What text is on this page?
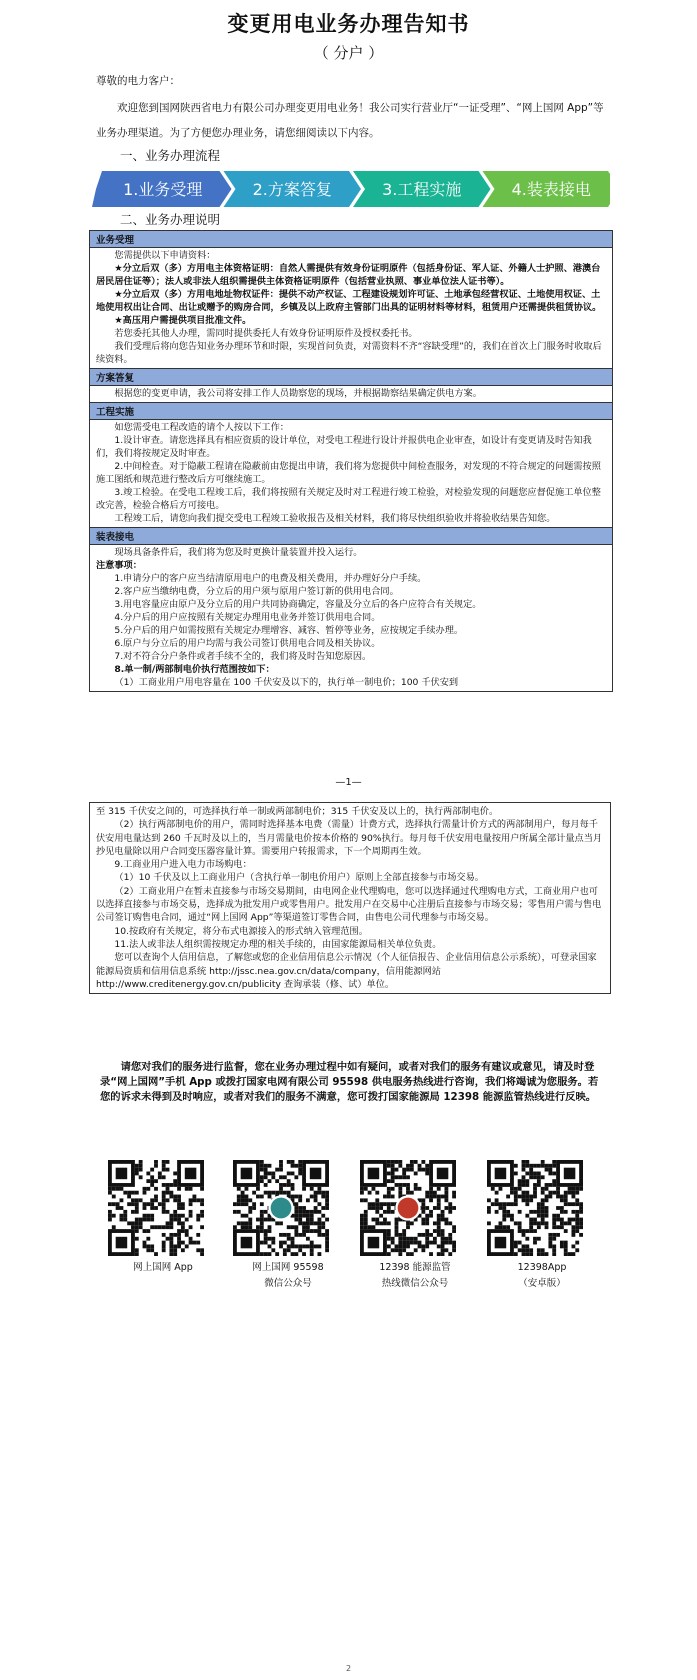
变更用电业务办理告知书
（ 分户 ）
尊敬的电力客户：
欢迎您到国网陕西省电力有限公司办理变更用电业务！我公司实行营业厅“一证受理”、“网上国网 App”等业务办理渠道。为了方便您办理业务，请您细阅读以下内容。
一、业务办理流程
1.业务受理	2.方案答复	3.工程实施	4.装表接电
二、业务办理说明
业务受理

您需提供以下申请资料：

★分立后双（多）方用电主体资格证明：自然人需提供有效身份证明原件（包括身份证、军人证、外籍人士护照、港澳台居民居住证等）；法人或非法人组织需提供主体资格证明原件（包括营业执照、事业单位法人证书等）。

★分立后双（多）方用电地址物权证件：提供不动产权证、工程建设规划许可证、土地承包经营权证、土地使用权证、土地使用权出让合同、出让或赠予的购房合同，乡镇及以上政府主管部门出具的证明材料等材料，租赁用户还需提供租赁协议。

★高压用户需提供项目批准文件。

若您委托其他人办理，需同时提供委托人有效身份证明原件及授权委托书。

我们受理后将向您告知业务办理环节和时限，实现首问负责，对需资料不齐“容缺受理”的，我们在首次上门服务时收取后续资料。

方案答复

根据您的变更申请，我公司将安排工作人员勘察您的现场，并根据勘察结果确定供电方案。

工程实施

如您需受电工程改造的请个人按以下工作：

1.设计审查。请您选择具有相应资质的设计单位，对受电工程进行设计并报供电企业审查，如设计有变更请及时告知我们，我们将按规定及时审查。

2.中间检查。对于隐蔽工程请在隐蔽前由您提出申请，我们将为您提供中间检查服务，对发现的不符合规定的问题需按照施工图纸和规范进行整改后方可继续施工。

3.竣工检验。在受电工程竣工后，我们将按照有关规定及时对工程进行竣工检验，对检验发现的问题您应督促施工单位整改完善，检验合格后方可接电。

工程竣工后，请您向我们提交受电工程竣工验收报告及相关材料，我们将尽快组织验收并将验收结果告知您。

装表接电

现场具备条件后，我们将为您及时更换计量装置并投入运行。

注意事项：

1.申请分户的客户应当结清原用电户的电费及相关费用，并办理好分户手续。

2.客户应当缴纳电费，分立后的用户须与原用户签订新的供用电合同。

3.用电容量应由原户及分立后的用户共同协商确定，容量及分立后的各户应符合有关规定。

4.分户后的用户应按照有关规定办理用电业务并签订供用电合同。

5.分户后的用户如需按照有关规定办理增容、减容、暂停等业务，应按规定手续办理。

6.原户与分立后的用户均需与我公司签订供用电合同及相关协议。

7.对不符合分户条件或者手续不全的，我们将及时告知您原因。

8.单一制/两部制电价执行范围按如下：

（1）工商业用户用电容量在 100 千伏安及以下的，执行单一制电价；100 千伏安到

—1—

至 315 千伏安之间的，可选择执行单一制或两部制电价；315 千伏安及以上的，执行两部制电价。

（2）执行两部制电价的用户，需同时选择基本电费（需量）计费方式，选择执行需量计价方式的两部制用户，每月每千伏安用电量达到 260 千瓦时及以上的，当月需量电价按本价格的 90%执行。每月每千伏安用电量按用户所属全部计量点当月抄见电量除以用户合同变压器容量计算。需要用户转报需求，下一个周期再生效。

9.工商业用户进入电力市场购电：

（1）10 千伏及以上工商业用户（含执行单一制电价用户）原则上全部直接参与市场交易。

（2）工商业用户在暂未直接参与市场交易期间，由电网企业代理购电，您可以选择通过代理购电方式，工商业用户也可以选择直接参与市场交易，选择成为批发用户或零售用户。批发用户在交易中心注册后直接参与市场交易；零售用户需与售电公司签订购售电合同，通过“网上国网 App”等渠道签订零售合同，由售电公司代理参与市场交易。

10.按政府有关规定，将分布式电源接入的形式纳入管理范围。

11.法人或非法人组织需按规定办理的相关手续的，由国家能源局相关单位负责。

您可以查询个人信用信息，了解您或您的企业信用信息公示情况（个人征信报告、企业信用信息公示系统），可登录国家能源局资质和信用信息系统 http://jssc.nea.gov.cn/data/company，信用能源网站 http://www.creditenergy.gov.cn/publicity 查询承装（修、试）单位。

请您对我们的服务进行监督，您在业务办理过程中如有疑问，或者对我们的服务有建议或意见，请及时登录“网上国网”手机 App 或拨打国家电网有限公司 95598 供电服务热线进行咨询，我们将竭诚为您服务。若您的诉求未得到及时响应，或者对我们的服务不满意，您可拨打国家能源局 12398 能源监管热线进行反映。
网上国网 App	网上国网 95598
微信公众号
12398 能源监管
热线微信公众号
12398App
（安卓版）
2
